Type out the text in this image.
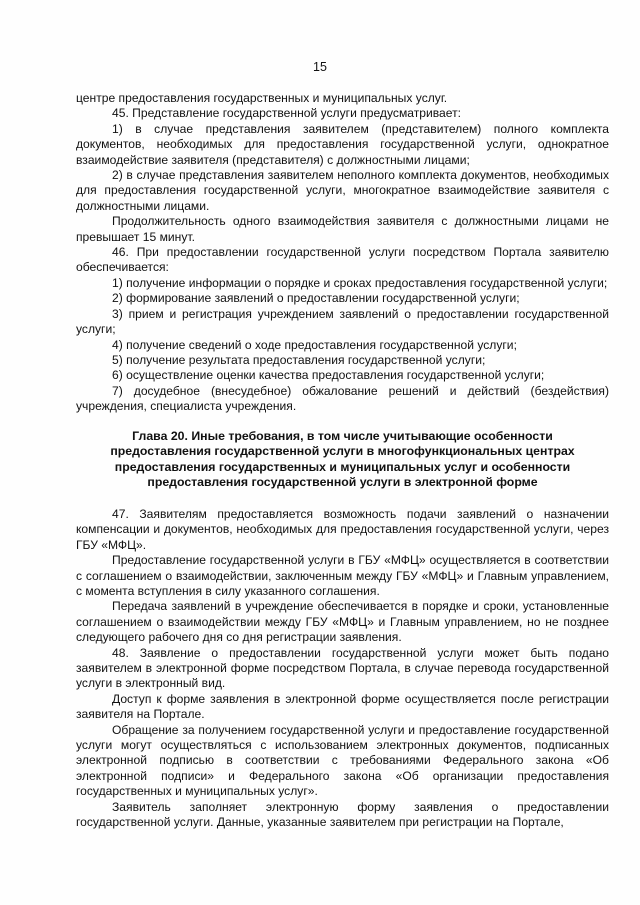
15

центре предоставления государственных и муниципальных услуг.

45. Представление государственной услуги предусматривает:

1) в случае представления заявителем (представителем) полного комплекта документов, необходимых для предоставления государственной услуги, однократное взаимодействие заявителя (представителя) с должностными лицами;

2) в случае представления заявителем неполного комплекта документов, необходимых для предоставления государственной услуги, многократное взаимодействие заявителя с должностными лицами.

Продолжительность одного взаимодействия заявителя с должностными лицами не превышает 15 минут.

46. При предоставлении государственной услуги посредством Портала заявителю обеспечивается:

1) получение информации о порядке и сроках предоставления государственной услуги;

2) формирование заявлений о предоставлении государственной услуги;

3) прием и регистрация учреждением заявлений о предоставлении государственной услуги;

4) получение сведений о ходе предоставления государственной услуги;

5) получение результата предоставления государственной услуги;

6) осуществление оценки качества предоставления государственной услуги;

7) досудебное (внесудебное) обжалование решений и действий (бездействия) учреждения, специалиста учреждения.

Глава 20. Иные требования, в том числе учитывающие особенности предоставления государственной услуги в многофункциональных центрах предоставления государственных и муниципальных услуг и особенности предоставления государственной услуги в электронной форме

47. Заявителям предоставляется возможность подачи заявлений о назначении компенсации и документов, необходимых для предоставления государственной услуги, через ГБУ «МФЦ».

Предоставление государственной услуги в ГБУ «МФЦ» осуществляется в соответствии с соглашением о взаимодействии, заключенным между ГБУ «МФЦ» и Главным управлением, с момента вступления в силу указанного соглашения.

Передача заявлений в учреждение обеспечивается в порядке и сроки, установленные соглашением о взаимодействии между ГБУ «МФЦ» и Главным управлением, но не позднее следующего рабочего дня со дня регистрации заявления.

48. Заявление о предоставлении государственной услуги может быть подано заявителем в электронной форме посредством Портала, в случае перевода государственной услуги в электронный вид.

Доступ к форме заявления в электронной форме осуществляется после регистрации заявителя на Портале.

Обращение за получением государственной услуги и предоставление государственной услуги могут осуществляться с использованием электронных документов, подписанных электронной подписью в соответствии с требованиями Федерального закона «Об электронной подписи» и Федерального закона «Об организации предоставления государственных и муниципальных услуг».

Заявитель заполняет электронную форму заявления о предоставлении государственной услуги. Данные, указанные заявителем при регистрации на Портале,
